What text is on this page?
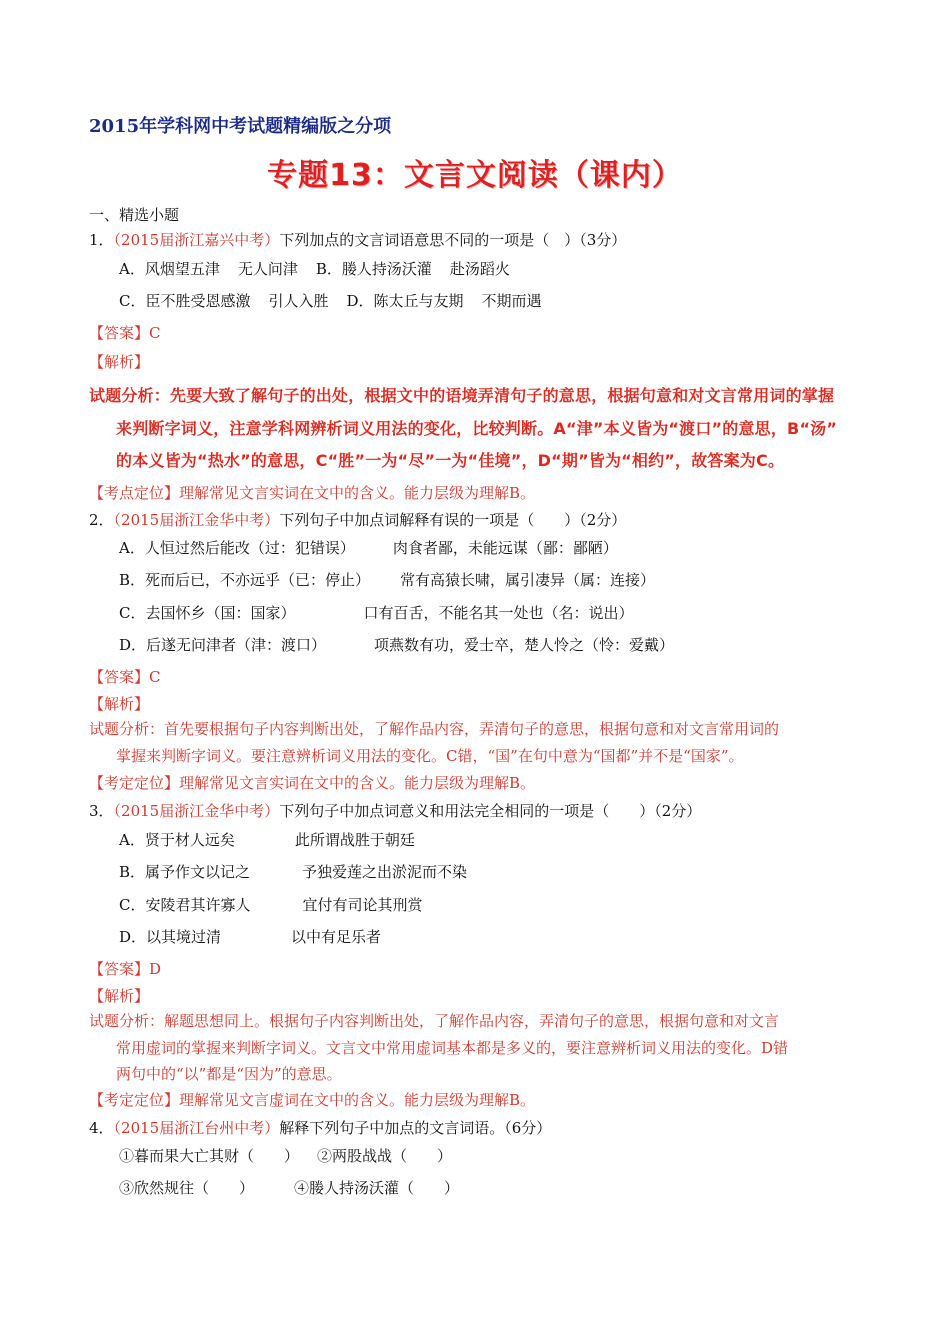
2015年学科网中考试题精编版之分项
专题13：文言文阅读（课内）
一、精选小题
1．（2015届浙江嘉兴中考）下列加点的文言词语意思不同的一项是（　）（3分）
A．风烟望五津 无人问津 B．媵人持汤沃灌 赴汤蹈火
C．臣不胜受恩感激 引人入胜 D．陈太丘与友期 不期而遇
【答案】C
【解析】
试题分析：先要大致了解句子的出处，根据文中的语境弄清句子的意思，根据句意和对文言常用词的掌握
来判断字词义，注意学科网辨析词义用法的变化，比较判断。A“津”本义皆为“渡口”的意思，B“汤”
的本义皆为“热水”的意思，C“胜”一为“尽”一为“佳境”，D“期”皆为“相约”，故答案为C。
【考点定位】理解常见文言实词在文中的含义。能力层级为理解B。
2．（2015届浙江金华中考）下列句子中加点词解释有误的一项是（　　）（2分）
A．人恒过然后能改（过：犯错误）	肉食者鄙，未能远谋（鄙：鄙陋）
B．死而后已，不亦远乎（已：停止） 常有高猿长啸，属引凄异（属：连接）
C．去国怀乡（国：国家）	口有百舌，不能名其一处也（名：说出）
D．后遂无问津者（津：渡口）	项燕数有功，爱士卒，楚人怜之（怜：爱戴）
【答案】C
【解析】
试题分析：首先要根据句子内容判断出处，了解作品内容，弄清句子的意思，根据句意和对文言常用词的
掌握来判断字词义。要注意辨析词义用法的变化。C错，“国”在句中意为“国都”并不是“国家”。
【考定定位】理解常见文言实词在文中的含义。能力层级为理解B。
3．（2015届浙江金华中考）下列句子中加点词意义和用法完全相同的一项是（　　）（2分）
A．贤于材人远矣	此所谓战胜于朝廷
B．属予作文以记之	予独爱莲之出淤泥而不染
C．安陵君其许寡人	宜付有司论其刑赏
D．以其境过清	以中有足乐者
【答案】D
【解析】
试题分析：解题思想同上。根据句子内容判断出处，了解作品内容，弄清句子的意思，根据句意和对文言
常用虚词的掌握来判断字词义。文言文中常用虚词基本都是多义的，要注意辨析词义用法的变化。D错
两句中的“以”都是“因为”的意思。
【考定定位】理解常见文言虚词在文中的含义。能力层级为理解B。
4．（2015届浙江台州中考）解释下列句子中加点的文言词语。（6分）
①暮而果大亡其财（　　） ②两股战战（　　）
③欣然规往（　　）	④媵人持汤沃灌（　　）
